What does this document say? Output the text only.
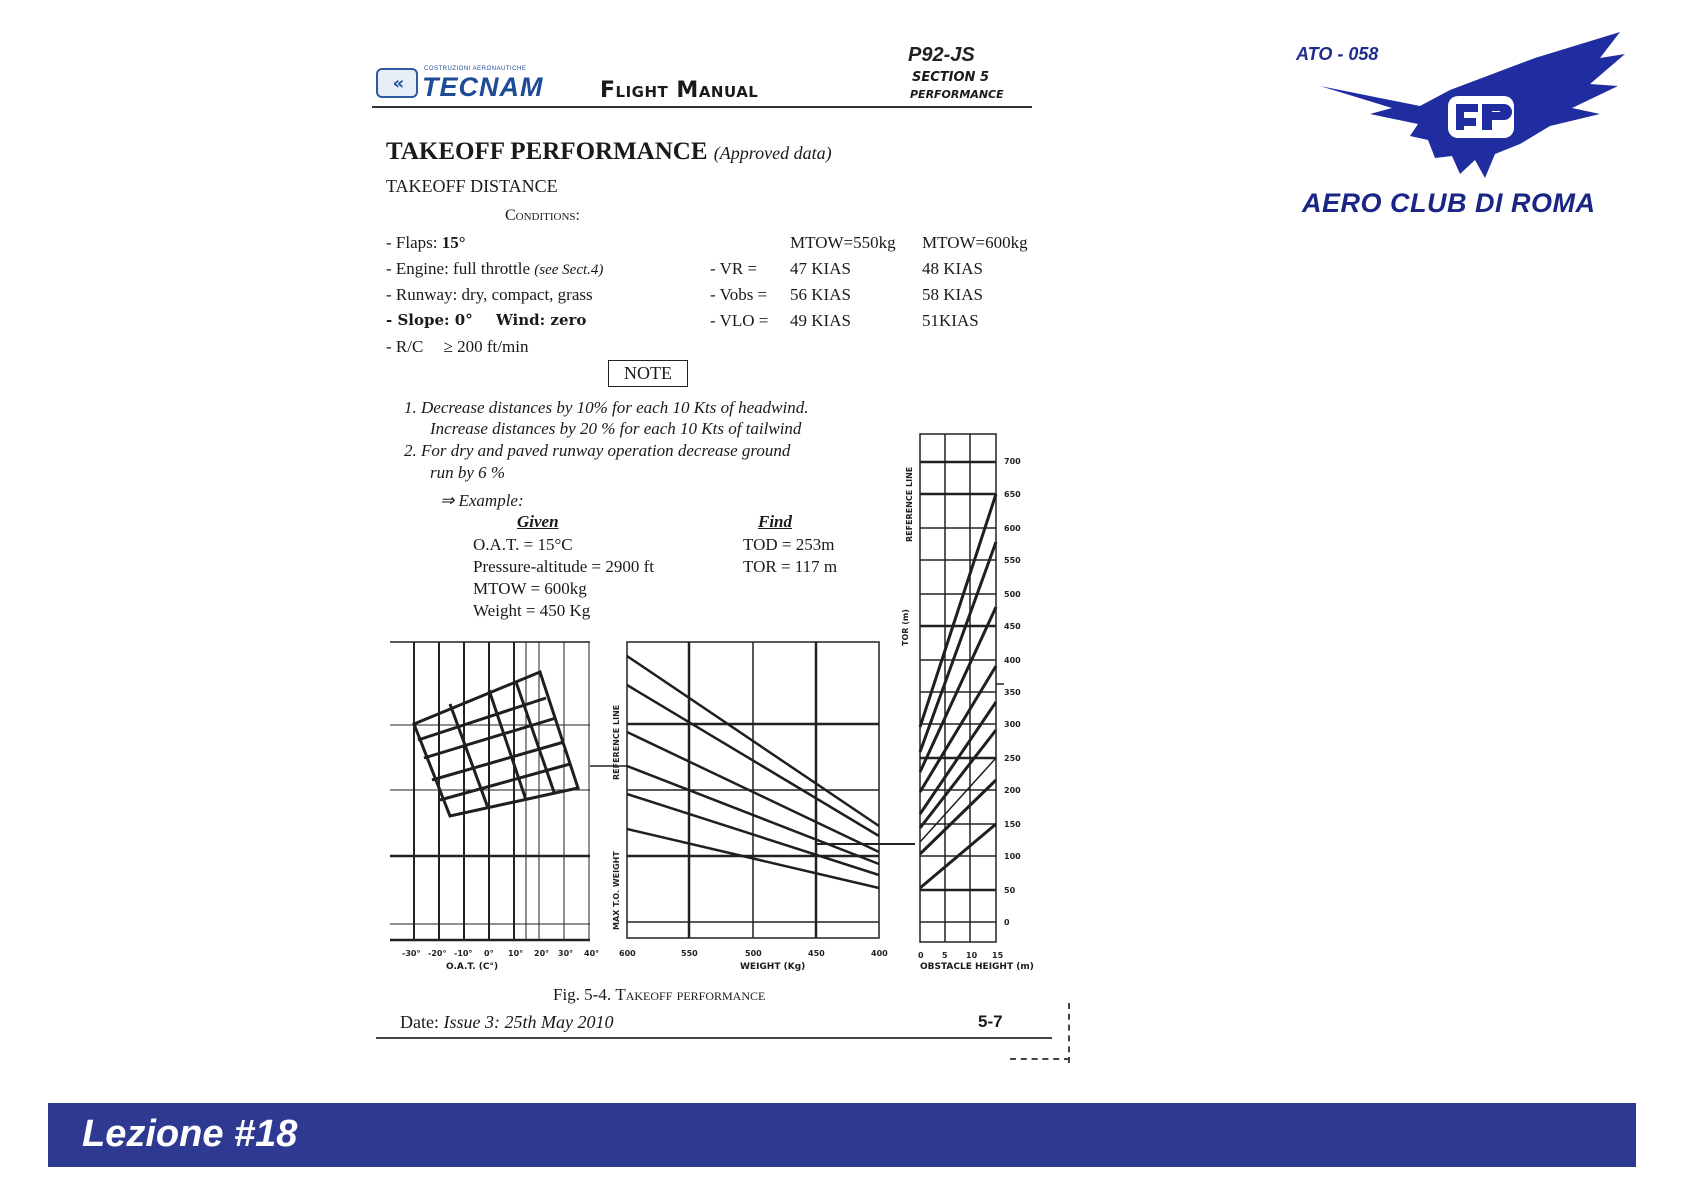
«
COSTRUZIONI AERONAUTICHE
TECNAM	Flight Manual
P92-JS
SECTION 5
PERFORMANCE
ATO - 058
AERO CLUB DI ROMA
TAKEOFF PERFORMANCE (Approved data)
TAKEOFF DISTANCE
Conditions:
- Flaps: 15°
- Engine: full throttle (see Sect.4)
- Runway: dry, compact, grass
- Slope: 0° Wind: zero
- R/C ≥ 200 ft/min
MTOW=550kg MTOW=600kg
- VR = 47 KIAS	48 KIAS
- Vobs = 56 KIAS	58 KIAS
- VLO = 49 KIAS	51KIAS
NOTE
1. Decrease distances by 10% for each 10 Kts of headwind.
Increase distances by 20 % for each 10 Kts of tailwind
2. For dry and paved runway operation decrease ground
run by 6 %
⇒ Example:
Given	Find
O.A.T. = 15°C
Pressure-altitude = 2900 ft
MTOW = 600kg
Weight = 450 Kg
TOD = 253m
TOR = 117 m
-30° -20° -10° 0° 10° 20° 30° 40°
O.A.T. (C°)
REFERENCE LINE
MAX T.O. WEIGHT
600	550	500	450	400
WEIGHT (Kg)
700
650
600
550
500
450
400
350
300
250
200
150
100
50
0
0 5 10 15
REFERENCE LINE
TOR (m)
OBSTACLE HEIGHT (m)
Fig. 5-4. Takeoff performance
Date: Issue 3: 25th May 2010	5-7
Lezione #18
